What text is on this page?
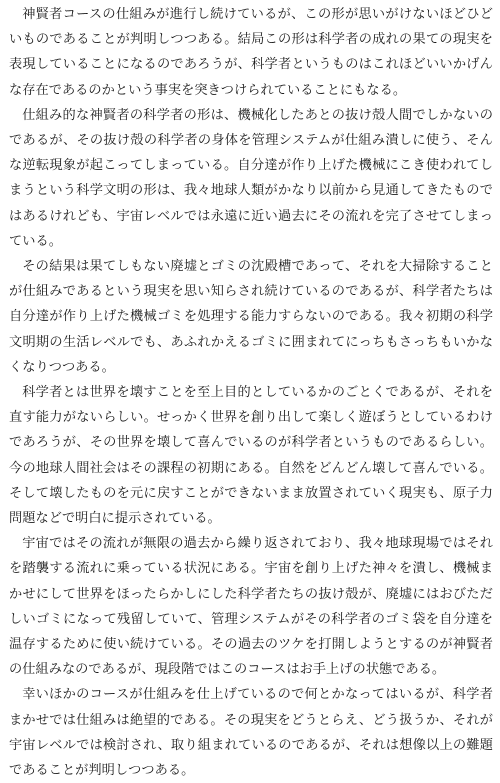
神賢者コースの仕組みが進行し続けているが、この形が思いがけないほどひどいものであることが判明しつつある。結局この形は科学者の成れの果ての現実を表現していることになるのであろうが、科学者というものはこれほどいいかげんな存在であるのかという事実を突きつけられていることにもなる。

仕組み的な神賢者の科学者の形は、機械化したあとの抜け殻人間でしかないのであるが、その抜け殻の科学者の身体を管理システムが仕組み潰しに使う、そんな逆転現象が起こってしまっている。自分達が作り上げた機械にこき使われてしまうという科学文明の形は、我々地球人類がかなり以前から見通してきたものではあるけれども、宇宙レベルでは永遠に近い過去にその流れを完了させてしまっている。

その結果は果てしもない廃墟とゴミの沈殿槽であって、それを大掃除することが仕組みであるという現実を思い知らされ続けているのであるが、科学者たちは自分達が作り上げた機械ゴミを処理する能力すらないのである。我々初期の科学文明期の生活レベルでも、あふれかえるゴミに囲まれてにっちもさっちもいかなくなりつつある。

科学者とは世界を壊すことを至上目的としているかのごとくであるが、それを直す能力がないらしい。せっかく世界を創り出して楽しく遊ぼうとしているわけであろうが、その世界を壊して喜んでいるのが科学者というものであるらしい。今の地球人間社会はその課程の初期にある。自然をどんどん壊して喜んでいる。そして壊したものを元に戻すことができないまま放置されていく現実も、原子力問題などで明白に提示されている。

宇宙ではその流れが無限の過去から繰り返されており、我々地球現場ではそれを踏襲する流れに乗っている状況にある。宇宙を創り上げた神々を潰し、機械まかせにして世界をほったらかしにした科学者たちの抜け殻が、廃墟にはおびただしいゴミになって残留していて、管理システムがその科学者のゴミ袋を自分達を温存するために使い続けている。その過去のツケを打開しようとするのが神賢者の仕組みなのであるが、現段階ではこのコースはお手上げの状態である。

幸いほかのコースが仕組みを仕上げているので何とかなってはいるが、科学者まかせでは仕組みは絶望的である。その現実をどうとらえ、どう扱うか、それが宇宙レベルでは検討され、取り組まれているのであるが、それは想像以上の難題であることが判明しつつある。
